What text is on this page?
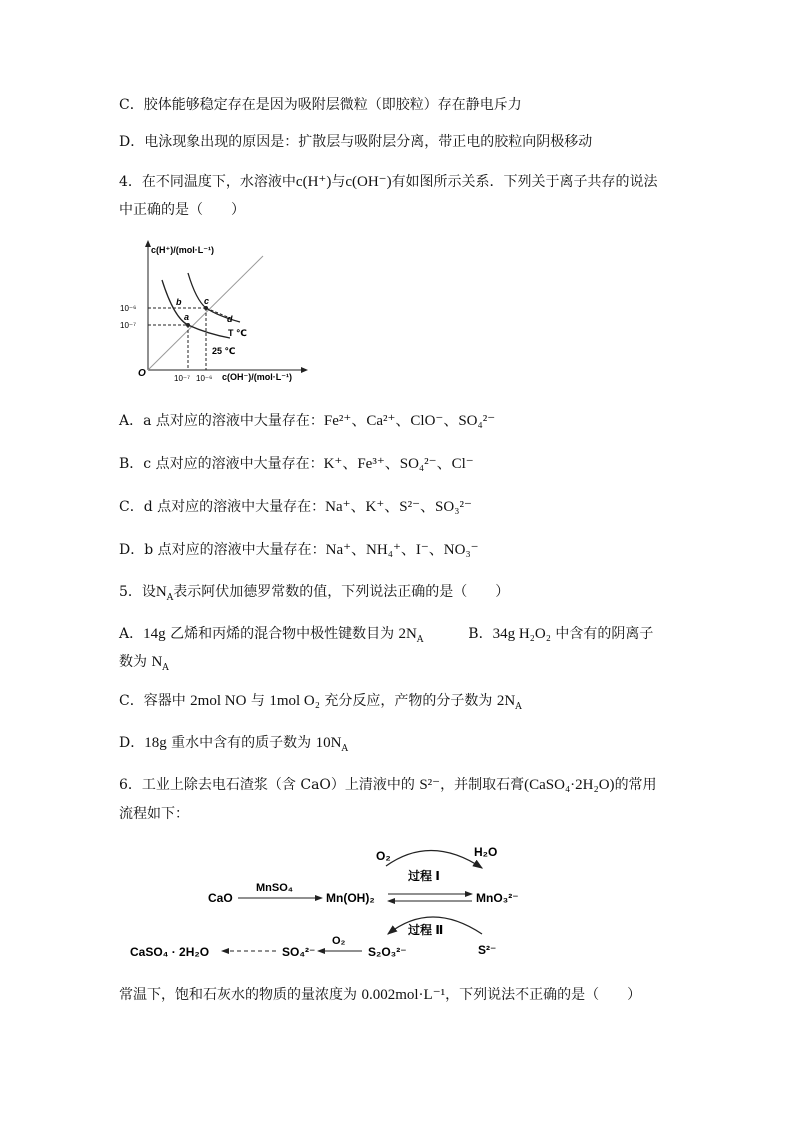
C．胶体能够稳定存在是因为吸附层微粒（即胶粒）存在静电斥力
D．电泳现象出现的原因是：扩散层与吸附层分离，带正电的胶粒向阴极移动
4．在不同温度下，水溶液中c(H⁺)与c(OH⁻)有如图所示关系．下列关于离子共存的说法
中正确的是（　　）
c(H⁺)/(mol·L⁻¹)
10⁻⁶
10⁻⁷
10⁻⁷ 10⁻⁶ c(OH⁻)/(mol·L⁻¹)
O
a
b	c
d
T ℃
25 ℃
A．a 点对应的溶液中大量存在：Fe²⁺、Ca²⁺、ClO⁻、SO₄²⁻
B．c 点对应的溶液中大量存在：K⁺、Fe³⁺、SO₄²⁻、Cl⁻
C．d 点对应的溶液中大量存在：Na⁺、K⁺、S²⁻、SO₃²⁻
D．b 点对应的溶液中大量存在：Na⁺、NH₄⁺、I⁻、NO₃⁻
5．设$N_A$表示阿伏加德罗常数的值，下列说法正确的是（　　）
A．14g 乙烯和丙烯的混合物中极性键数目为 $2N_A$	B．34g H₂O₂ 中含有的阴离子
数为 $N_A$
C．容器中 2mol NO 与 1mol O₂ 充分反应，产物的分子数为 $2N_A$
D．18g 重水中含有的质子数为 $10N_A$
6．工业上除去电石渣浆（含 CaO）上清液中的 S²⁻，并制取石膏(CaSO₄·2H₂O)的常用
流程如下：
CaO
MnSO₄
Mn(OH)₂	MnO₃²⁻
O₂	H₂O
过程 Ⅰ
过程 Ⅱ
S²⁻
S₂O₃²⁻
O₂
SO₄²⁻
CaSO₄ · 2H₂O
常温下，饱和石灰水的物质的量浓度为 0.002mol·L⁻¹，下列说法不正确的是（　　）
